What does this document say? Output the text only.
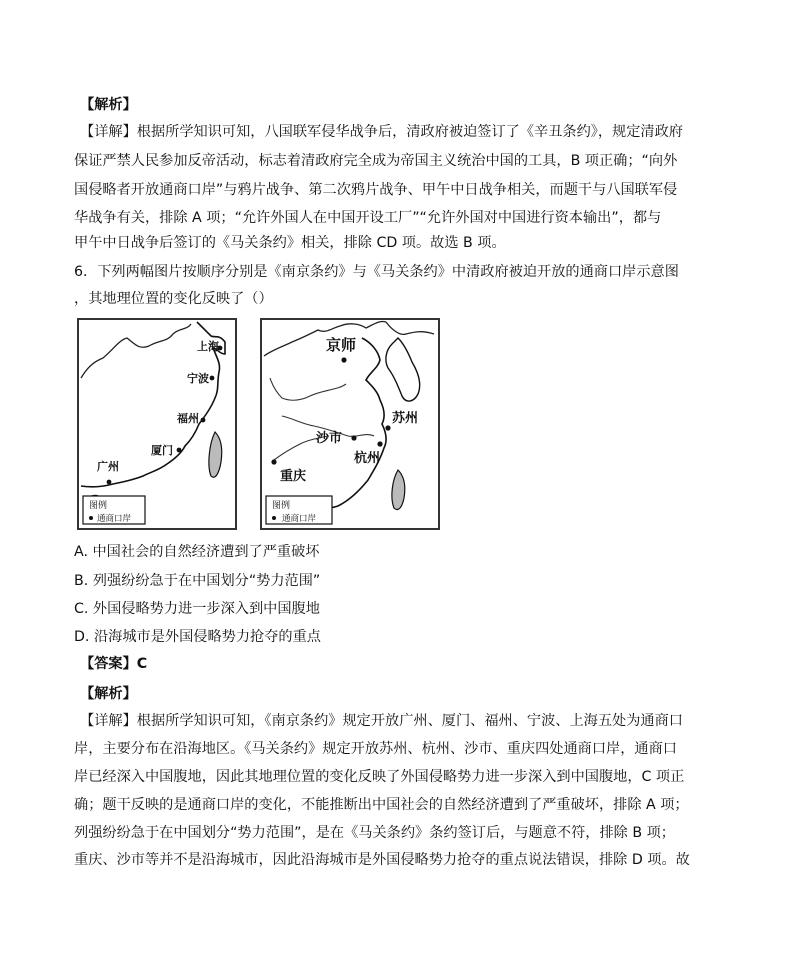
【解析】
【详解】根据所学知识可知，八国联军侵华战争后，清政府被迫签订了《辛丑条约》，规定清政府
保证严禁人民参加反帝活动，标志着清政府完全成为帝国主义统治中国的工具，B 项正确；“向外
国侵略者开放通商口岸”与鸦片战争、第二次鸦片战争、甲午中日战争相关，而题干与八国联军侵
华战争有关，排除 A 项；“允许外国人在中国开设工厂”“允许外国对中国进行资本输出”，都与
甲午中日战争后签订的《马关条约》相关，排除 CD 项。故选 B 项。
6．下列两幅图片按顺序分别是《南京条约》与《马关条约》中清政府被迫开放的通商口岸示意图
，其地理位置的变化反映了（）
上海
宁波
福州
厦门
广州
图例
通商口岸
京师
苏州
沙市
杭州
重庆
图例
通商口岸
A. 中国社会的自然经济遭到了严重破坏
B. 列强纷纷急于在中国划分“势力范围”
C. 外国侵略势力进一步深入到中国腹地
D. 沿海城市是外国侵略势力抢夺的重点
【答案】C
【解析】
【详解】根据所学知识可知，《南京条约》规定开放广州、厦门、福州、宁波、上海五处为通商口
岸，主要分布在沿海地区。《马关条约》规定开放苏州、杭州、沙市、重庆四处通商口岸，通商口
岸已经深入中国腹地，因此其地理位置的变化反映了外国侵略势力进一步深入到中国腹地，C 项正
确；题干反映的是通商口岸的变化，不能推断出中国社会的自然经济遭到了严重破坏，排除 A 项；
列强纷纷急于在中国划分“势力范围”，是在《马关条约》条约签订后，与题意不符，排除 B 项；
重庆、沙市等并不是沿海城市，因此沿海城市是外国侵略势力抢夺的重点说法错误，排除 D 项。故
